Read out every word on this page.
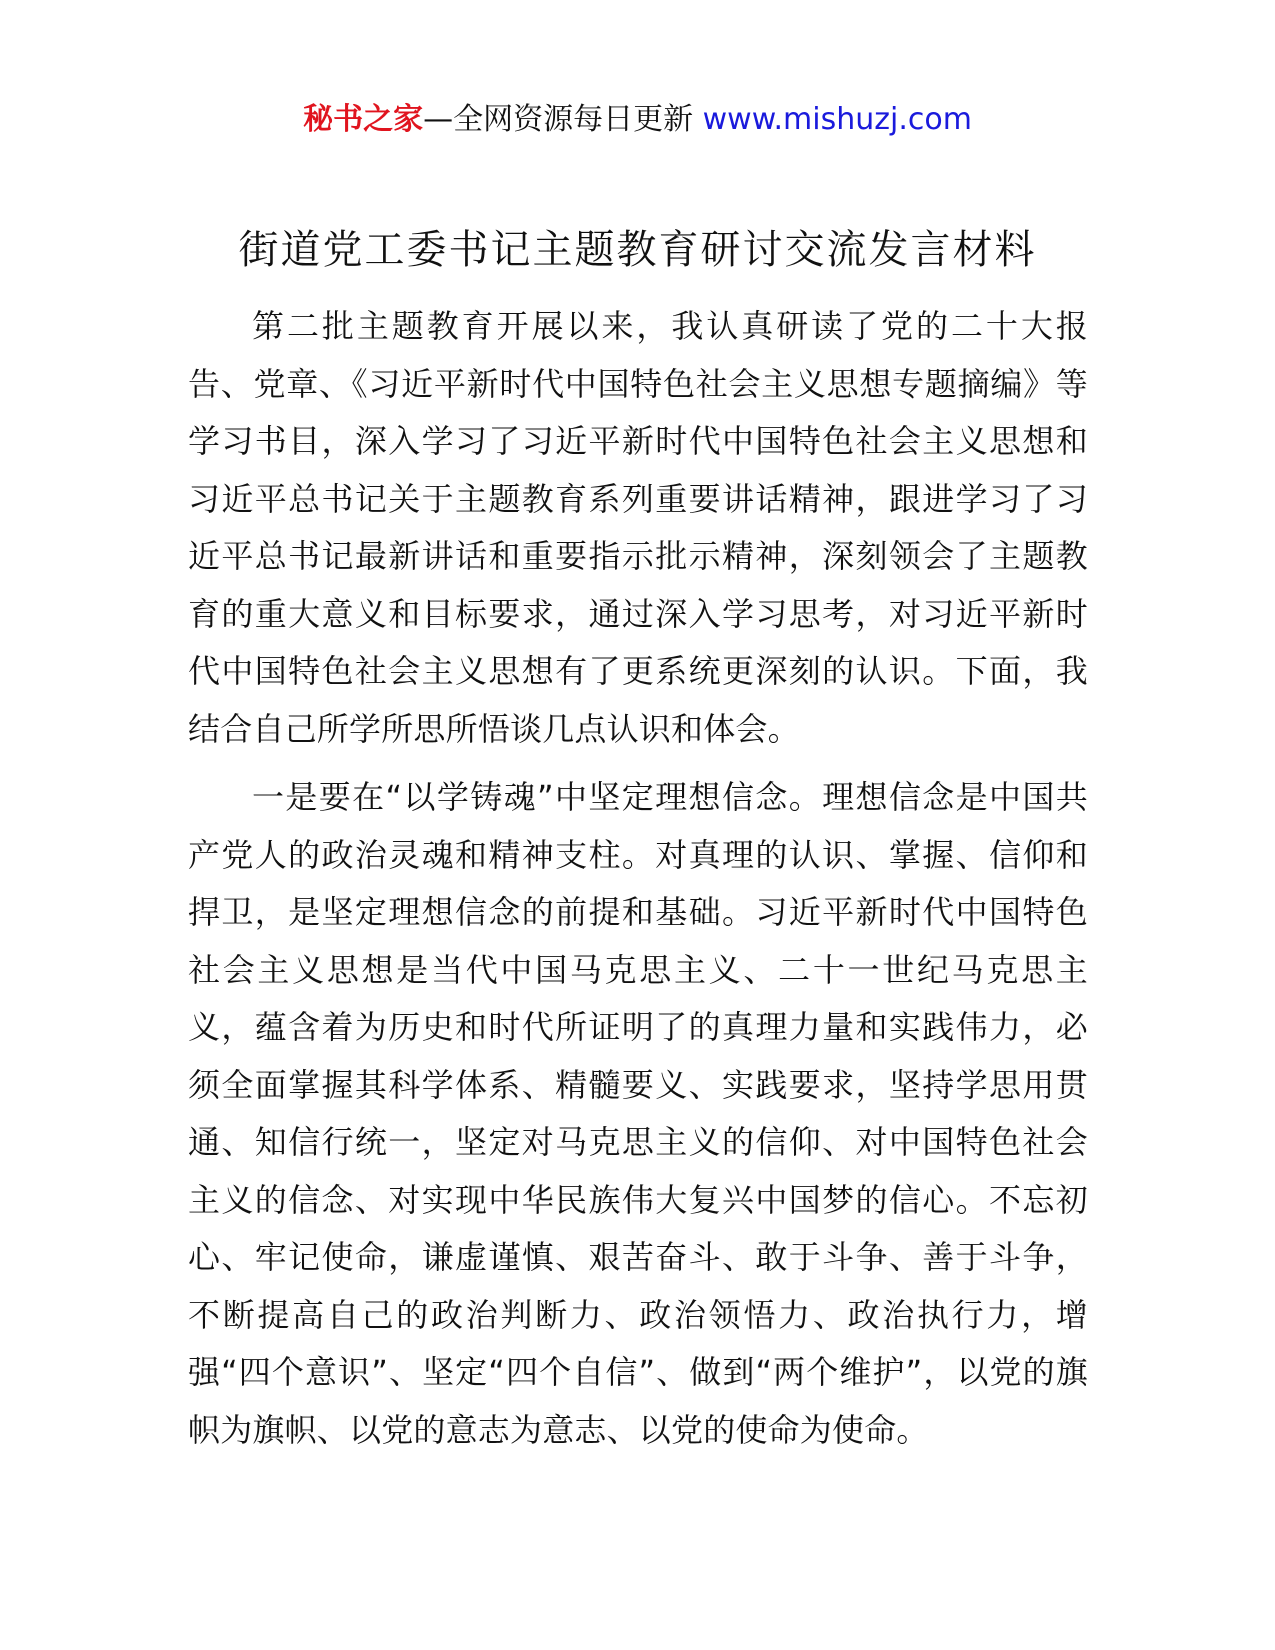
秘书之家—全网资源每日更新 www.mishuzj.com
街道党工委书记主题教育研讨交流发言材料

第二批主题教育开展以来，我认真研读了党的二十大报告、党章、《习近平新时代中国特色社会主义思想专题摘编》等学习书目，深入学习了习近平新时代中国特色社会主义思想和习近平总书记关于主题教育系列重要讲话精神，跟进学习了习近平总书记最新讲话和重要指示批示精神，深刻领会了主题教育的重大意义和目标要求，通过深入学习思考，对习近平新时代中国特色社会主义思想有了更系统更深刻的认识。下面，我结合自己所学所思所悟谈几点认识和体会。

一是要在“以学铸魂”中坚定理想信念。理想信念是中国共产党人的政治灵魂和精神支柱。对真理的认识、掌握、信仰和捍卫，是坚定理想信念的前提和基础。习近平新时代中国特色社会主义思想是当代中国马克思主义、二十一世纪马克思主义，蕴含着为历史和时代所证明了的真理力量和实践伟力，必须全面掌握其科学体系、精髓要义、实践要求，坚持学思用贯通、知信行统一，坚定对马克思主义的信仰、对中国特色社会主义的信念、对实现中华民族伟大复兴中国梦的信心。不忘初心、牢记使命，谦虚谨慎、艰苦奋斗、敢于斗争、善于斗争，不断提高自己的政治判断力、政治领悟力、政治执行力，增强“四个意识”、坚定“四个自信”、做到“两个维护”，以党的旗帜为旗帜、以党的意志为意志、以党的使命为使命。
